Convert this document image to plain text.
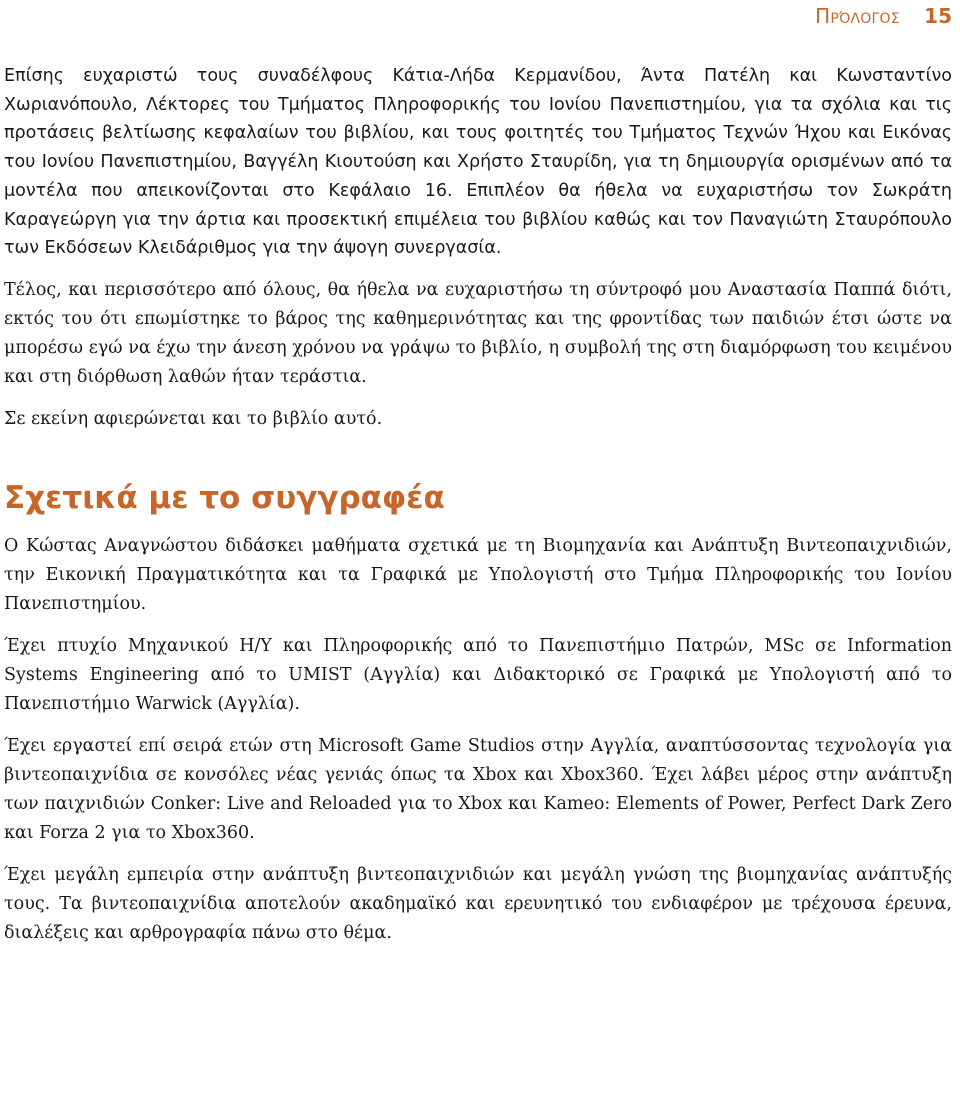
Πρόλογος 15

Επίσης ευχαριστώ τους συναδέλφους Κάτια-Λήδα Κερμανίδου, Άντα Πατέλη και Κωνσταντίνο Χωριανόπουλο, Λέκτορες του Τμήματος Πληροφορικής του Ιονίου Πανεπιστημίου, για τα σχόλια και τις προτάσεις βελτίωσης κεφαλαίων του βιβλίου, και τους φοιτητές του Τμήματος Τεχνών Ήχου και Εικόνας του Ιονίου Πανεπιστημίου, Βαγγέλη Κιουτούση και Χρήστο Σταυρίδη, για τη δημιουργία ορισμένων από τα μοντέλα που απεικονίζονται στο Κεφάλαιο 16. Επιπλέον θα ήθελα να ευχαριστήσω τον Σωκράτη Καραγεώργη για την άρτια και προσεκτική επιμέλεια του βιβλίου καθώς και τον Παναγιώτη Σταυρόπουλο των Εκδόσεων Κλειδάριθμος για την άψογη συνεργασία.

Τέλος, και περισσότερο από όλους, θα ήθελα να ευχαριστήσω τη σύντροφό μου Αναστασία Παππά διότι, εκτός του ότι επωμίστηκε το βάρος της καθημερινότητας και της φροντίδας των παιδιών έτσι ώστε να μπορέσω εγώ να έχω την άνεση χρόνου να γράψω το βιβλίο, η συμβολή της στη διαμόρφωση του κειμένου και στη διόρθωση λαθών ήταν τεράστια.

Σε εκείνη αφιερώνεται και το βιβλίο αυτό.

Σχετικά με το συγγραφέα

Ο Κώστας Αναγνώστου διδάσκει μαθήματα σχετικά με τη Βιομηχανία και Ανάπτυξη Βιντεοπαιχνιδιών, την Εικονική Πραγματικότητα και τα Γραφικά με Υπολογιστή στο Τμήμα Πληροφορικής του Ιονίου Πανεπιστημίου.

Έχει πτυχίο Μηχανικού Η/Υ και Πληροφορικής από το Πανεπιστήμιο Πατρών, MSc σε Information Systems Engineering από το UMIST (Αγγλία) και Διδακτορικό σε Γραφικά με Υπολογιστή από το Πανεπιστήμιο Warwick (Αγγλία).

Έχει εργαστεί επί σειρά ετών στη Microsoft Game Studios στην Αγγλία, αναπτύσσοντας τεχνολογία για βιντεοπαιχνίδια σε κονσόλες νέας γενιάς όπως τα Xbox και Xbox360. Έχει λάβει μέρος στην ανάπτυξη των παιχνιδιών Conker: Live and Reloaded για το Xbox και Kameo: Elements of Power, Perfect Dark Zero και Forza 2 για το Xbox360.

Έχει μεγάλη εμπειρία στην ανάπτυξη βιντεοπαιχνιδιών και μεγάλη γνώση της βιομηχανίας ανάπτυξής τους. Τα βιντεοπαιχνίδια αποτελούν ακαδημαϊκό και ερευνητικό του ενδιαφέρον με τρέχουσα έρευνα, διαλέξεις και αρθρογραφία πάνω στο θέμα.
